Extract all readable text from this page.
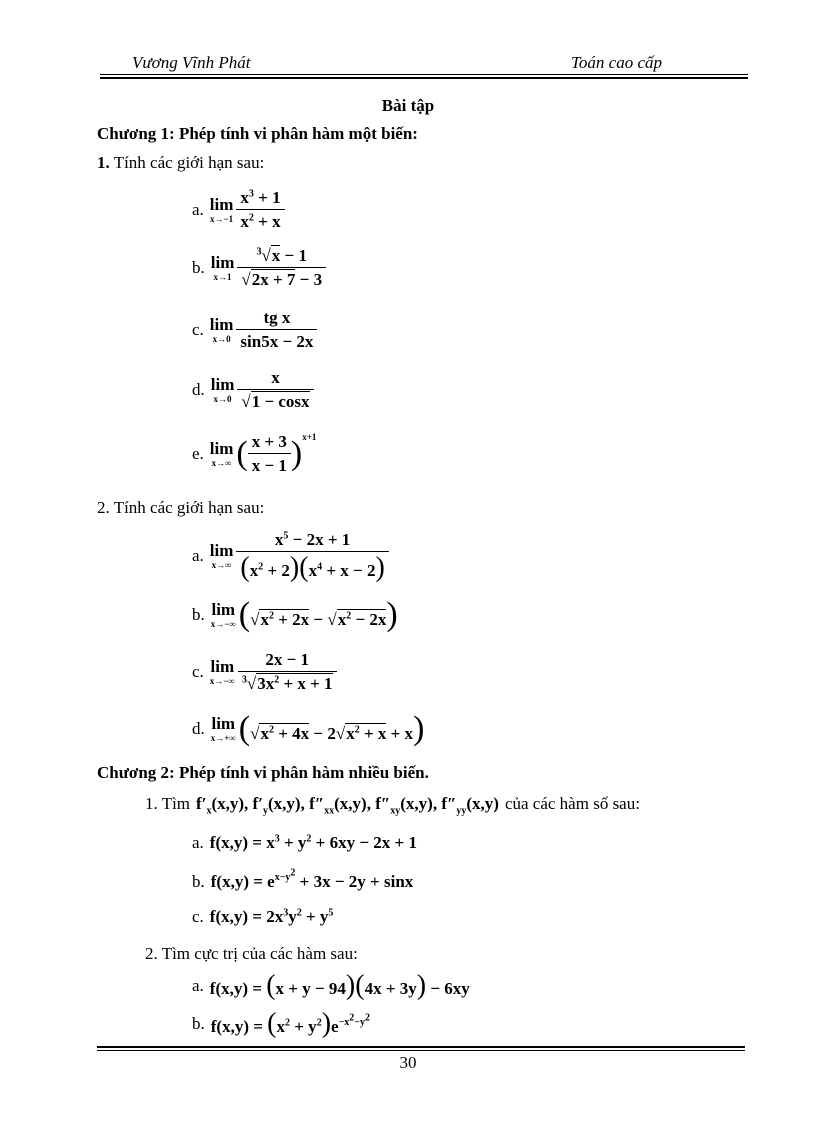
Vương Vĩnh Phát	Toán cao cấp
Bài tập
Chương 1: Phép tính vi phân hàm một biến:
1. Tính các giới hạn sau:
a. lim
$x\to-1 \frac{x^3 + 1}{x^2 + x}$
b. lim
$x\to 1 \frac{^3√x - 1}{√2x + 7 - 3}$
c. lim
$x\to 0 \frac{\text{tg x}}{\sin 5x - 2x}$
d. lim
$x\to 0 \frac{x}{√1 - \cos x}$
e. lim
x→∞ ( $\frac{x + 3}{x - 1}$ ) x+1
2. Tính các giới hạn sau:
a. lim
$x\to\infty \frac{x^5 - 2x + 1}{(x^2 + 2)(x^4 + x - 2)}$
b. lim
x→−∞ $(√x^2 + 2x - √x^2 - 2x)$
c. lim
$x\to-\infty \frac{2x - 1}{^3√3x^2 + x + 1}$
d. lim
x→+∞ $(√x^2 + 4x - 2√x^2 + x + x)$
Chương 2: Phép tính vi phân hàm nhiều biến.
1. Tìm $f'_x(x,y)$, $f'_y(x,y)$, $f''_{xx}(x,y)$, $f''_{xy}(x,y)$, $f''_{yy}(x,y)$ của các hàm số sau:
a. $f(x,y) = x^3 + y^2 + 6xy - 2x + 1$
b. $f(x,y) = e^{x-y^2} + 3x - 2y + \sin x$
c. $f(x,y) = 2x^3y^2 + y^5$
2. Tìm cực trị của các hàm sau:
a. f(x,y) = (x + y − 94)(4x + 3y) − 6xy
b. $f(x,y) = (x^2 + y^2)e^{-x^2-y^2}$
30
